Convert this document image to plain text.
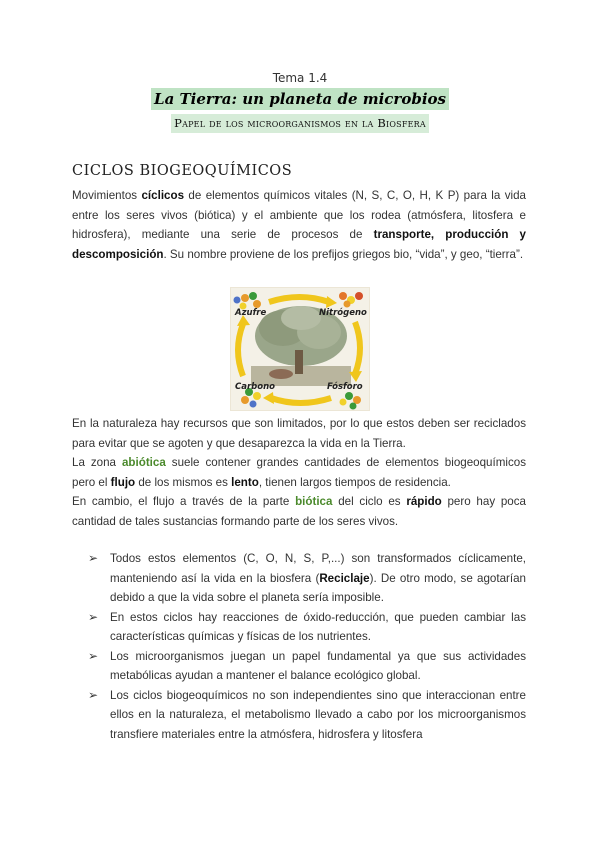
Tema 1.4
La Tierra: un planeta de microbios
Papel de los microorganismos en la Biosfera
CICLOS BIOGEOQUÍMICOS
Movimientos cíclicos de elementos químicos vitales (N, S, C, O, H, K P) para la vida entre los seres vivos (biótica) y el ambiente que los rodea (atmósfera, litosfera e hidrosfera), mediante una serie de procesos de transporte, producción y descomposición. Su nombre proviene de los prefijos griegos bio, “vida”, y geo, “tierra”.
Azufre	Nitrógeno
Carbono	Fósforo
En la naturaleza hay recursos que son limitados, por lo que estos deben ser reciclados para evitar que se agoten y que desaparezca la vida en la Tierra.
La zona abiótica suele contener grandes cantidades de elementos biogeoquímicos pero el flujo de los mismos es lento, tienen largos tiempos de residencia.
En cambio, el flujo a través de la parte biótica del ciclo es rápido pero hay poca cantidad de tales sustancias formando parte de los seres vivos.
➢ Todos estos elementos (C, O, N, S, P,...) son transformados cíclicamente, manteniendo así la vida en la biosfera (Reciclaje). De otro modo, se agotarían debido a que la vida sobre el planeta sería imposible.
➢ En estos ciclos hay reacciones de óxido-reducción, que pueden cambiar las características químicas y físicas de los nutrientes.
➢ Los microorganismos juegan un papel fundamental ya que sus actividades metabólicas ayudan a mantener el balance ecológico global.
➢ Los ciclos biogeoquímicos no son independientes sino que interaccionan entre ellos en la naturaleza, el metabolismo llevado a cabo por los microorganismos transfiere materiales entre la atmósfera, hidrosfera y litosfera
